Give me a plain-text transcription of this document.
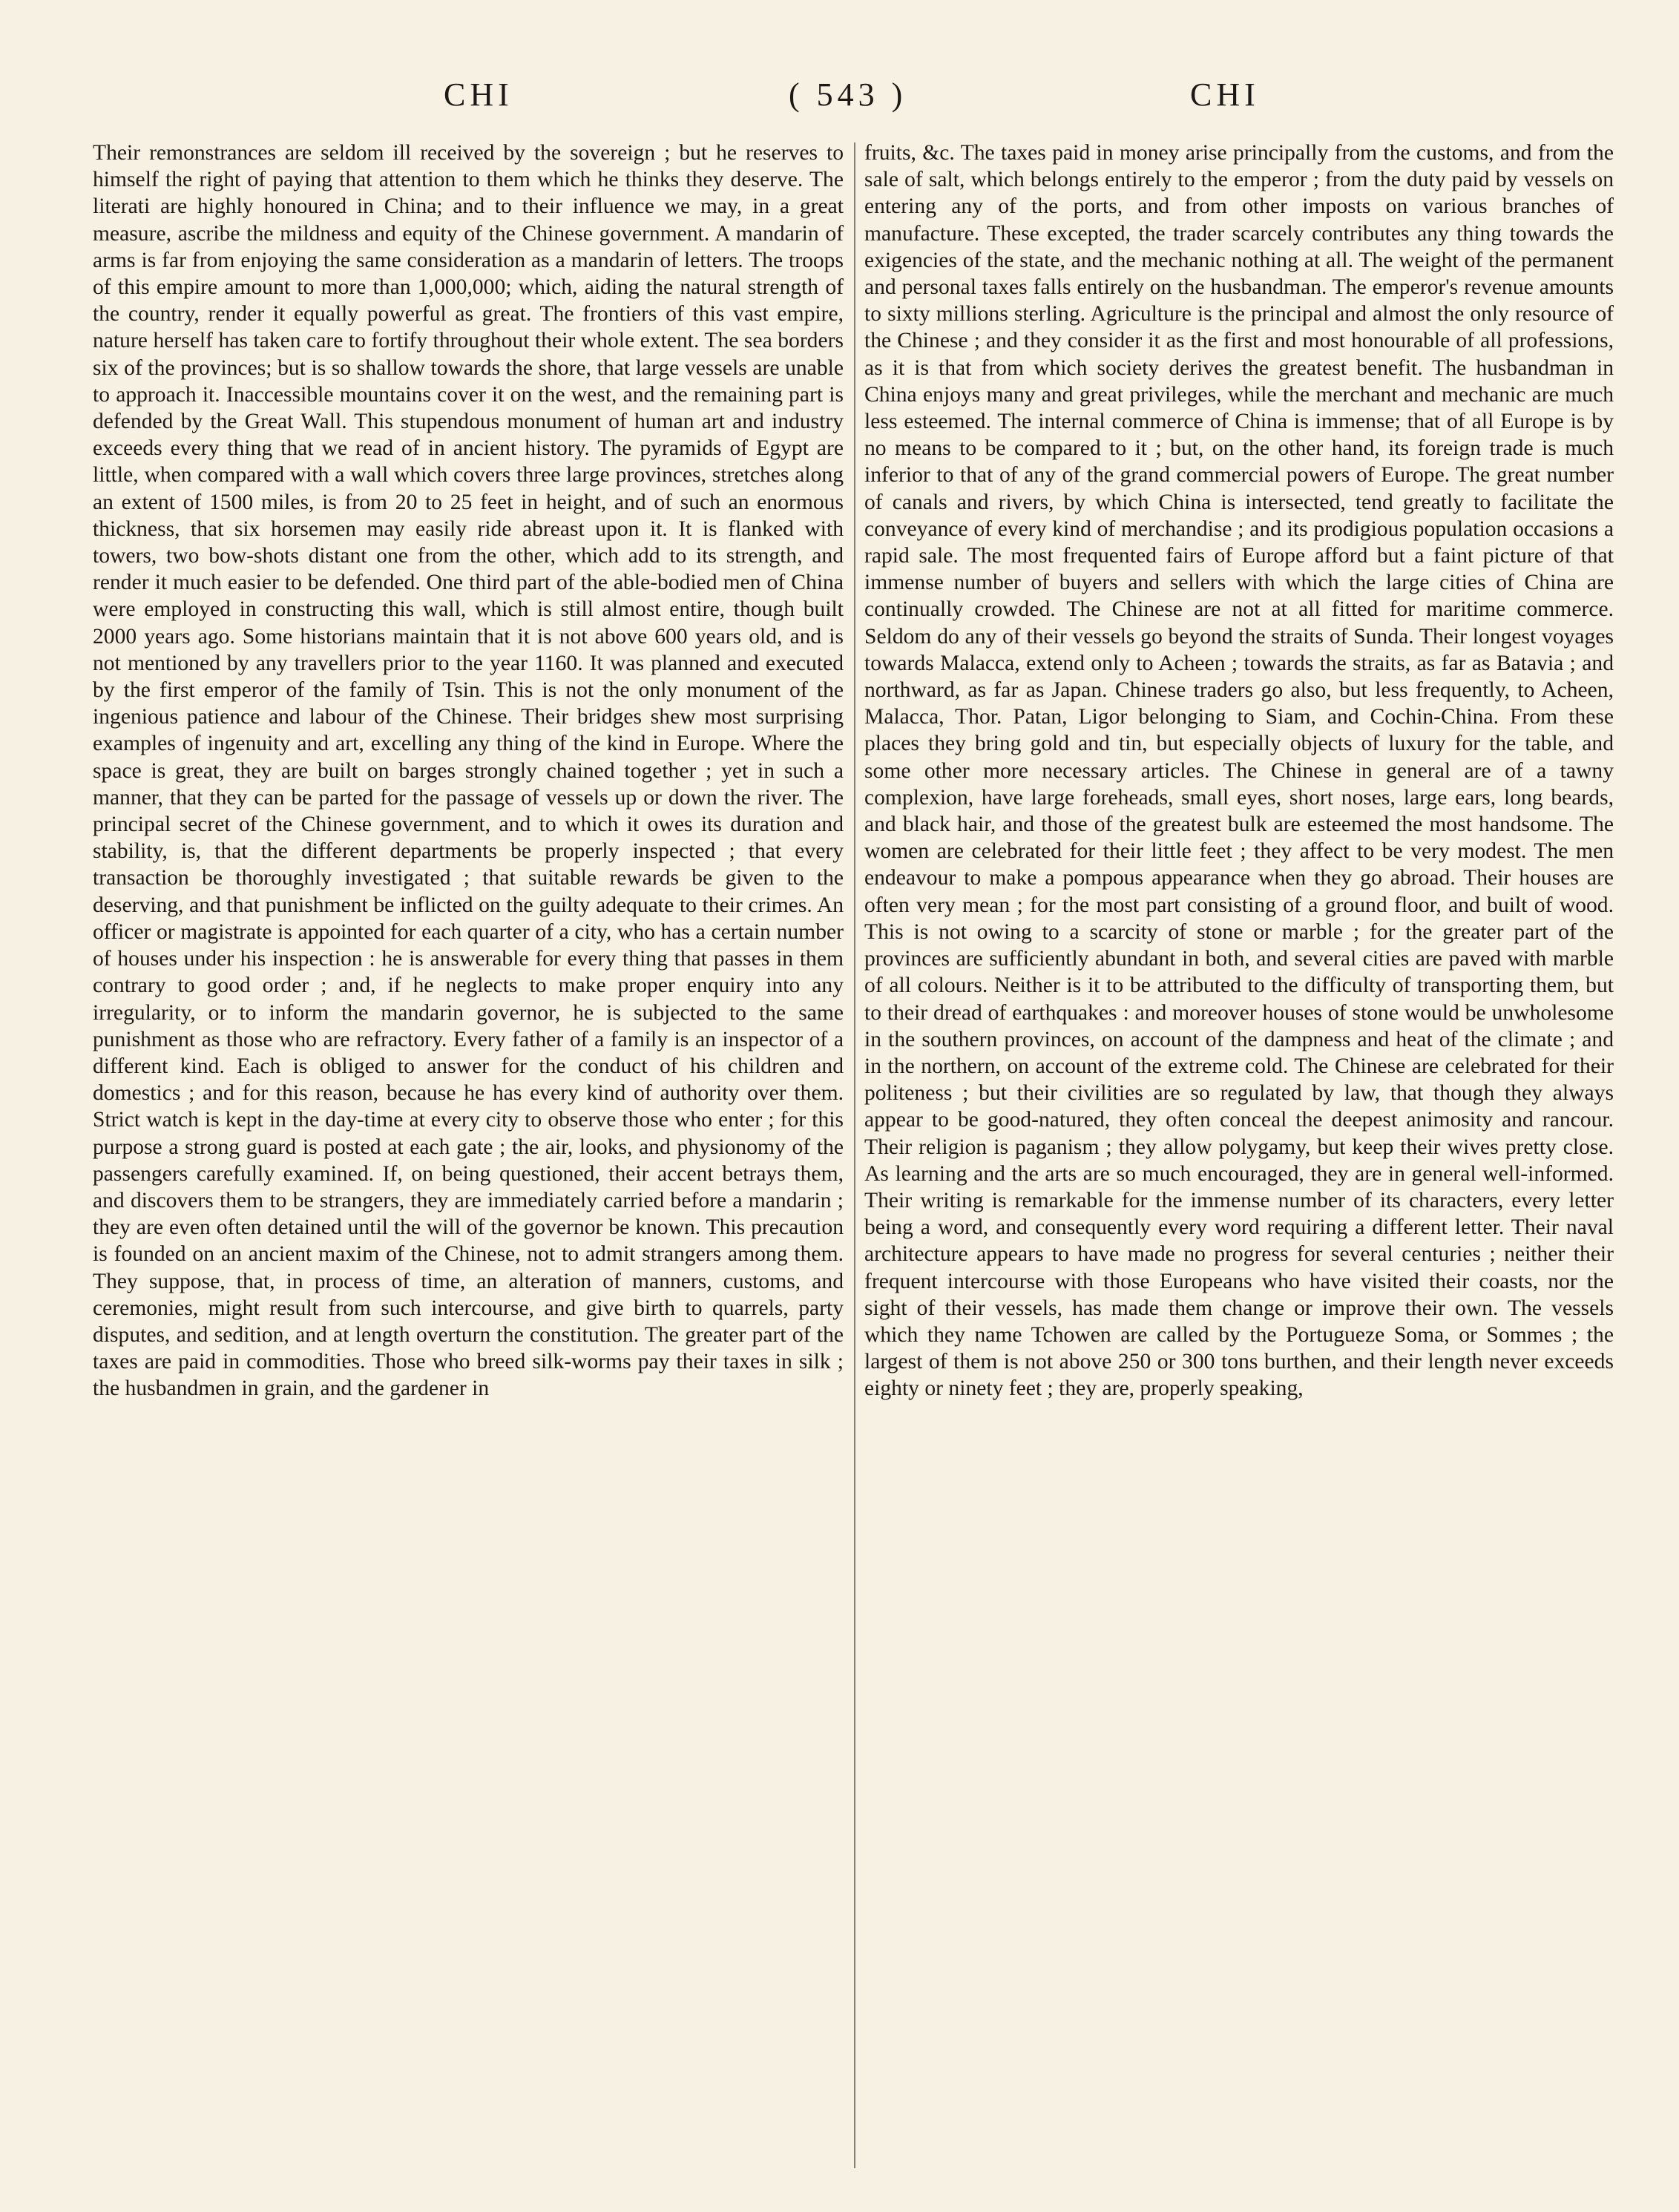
CHI	( 543 )	CHI
Their remonstrances are seldom ill received by the sovereign ; but he reserves to himself the right of paying that attention to them which he thinks they deserve. The literati are highly honoured in China; and to their influence we may, in a great measure, ascribe the mildness and equity of the Chinese government. A mandarin of arms is far from enjoying the same consideration as a mandarin of letters. The troops of this empire amount to more than 1,000,000; which, aiding the natural strength of the country, render it equally powerful as great. The frontiers of this vast empire, nature herself has taken care to fortify throughout their whole extent. The sea borders six of the provinces; but is so shallow towards the shore, that large vessels are unable to approach it. Inaccessible mountains cover it on the west, and the remaining part is defended by the Great Wall. This stupendous monument of human art and industry exceeds every thing that we read of in ancient history. The pyramids of Egypt are little, when compared with a wall which covers three large provinces, stretches along an extent of 1500 miles, is from 20 to 25 feet in height, and of such an enormous thickness, that six horsemen may easily ride abreast upon it. It is flanked with towers, two bow-shots distant one from the other, which add to its strength, and render it much easier to be defended. One third part of the able-bodied men of China were employed in constructing this wall, which is still almost entire, though built 2000 years ago. Some historians maintain that it is not above 600 years old, and is not mentioned by any travellers prior to the year 1160. It was planned and executed by the first emperor of the family of Tsin. This is not the only monument of the ingenious patience and labour of the Chinese. Their bridges shew most surprising examples of ingenuity and art, excelling any thing of the kind in Europe. Where the space is great, they are built on barges strongly chained together ; yet in such a manner, that they can be parted for the passage of vessels up or down the river. The principal secret of the Chinese government, and to which it owes its duration and stability, is, that the different departments be properly inspected ; that every transaction be thoroughly investigated ; that suitable rewards be given to the deserving, and that punishment be inflicted on the guilty adequate to their crimes. An officer or magistrate is appointed for each quarter of a city, who has a certain number of houses under his inspection : he is answerable for every thing that passes in them contrary to good order ; and, if he neglects to make proper enquiry into any irregularity, or to inform the mandarin governor, he is subjected to the same punishment as those who are refractory. Every father of a family is an inspector of a different kind. Each is obliged to answer for the conduct of his children and domestics ; and for this reason, because he has every kind of authority over them. Strict watch is kept in the day-time at every city to observe those who enter ; for this purpose a strong guard is posted at each gate ; the air, looks, and physionomy of the passengers carefully examined. If, on being questioned, their accent betrays them, and discovers them to be strangers, they are immediately carried before a mandarin ; they are even often detained until the will of the governor be known. This precaution is founded on an ancient maxim of the Chinese, not to admit strangers among them. They suppose, that, in process of time, an alteration of manners, customs, and ceremonies, might result from such intercourse, and give birth to quarrels, party disputes, and sedition, and at length overturn the constitution. The greater part of the taxes are paid in commodities. Those who breed silk-worms pay their taxes in silk ; the husbandmen in grain, and the gardener in
fruits, &c. The taxes paid in money arise principally from the customs, and from the sale of salt, which belongs entirely to the emperor ; from the duty paid by vessels on entering any of the ports, and from other imposts on various branches of manufacture. These excepted, the trader scarcely contributes any thing towards the exigencies of the state, and the mechanic nothing at all. The weight of the permanent and personal taxes falls entirely on the husbandman. The emperor's revenue amounts to sixty millions sterling. Agriculture is the principal and almost the only resource of the Chinese ; and they consider it as the first and most honourable of all professions, as it is that from which society derives the greatest benefit. The husbandman in China enjoys many and great privileges, while the merchant and mechanic are much less esteemed. The internal commerce of China is immense; that of all Europe is by no means to be compared to it ; but, on the other hand, its foreign trade is much inferior to that of any of the grand commercial powers of Europe. The great number of canals and rivers, by which China is intersected, tend greatly to facilitate the conveyance of every kind of merchandise ; and its prodigious population occasions a rapid sale. The most frequented fairs of Europe afford but a faint picture of that immense number of buyers and sellers with which the large cities of China are continually crowded. The Chinese are not at all fitted for maritime commerce. Seldom do any of their vessels go beyond the straits of Sunda. Their longest voyages towards Malacca, extend only to Acheen ; towards the straits, as far as Batavia ; and northward, as far as Japan. Chinese traders go also, but less frequently, to Acheen, Malacca, Thor. Patan, Ligor belonging to Siam, and Cochin-China. From these places they bring gold and tin, but especially objects of luxury for the table, and some other more necessary articles. The Chinese in general are of a tawny complexion, have large foreheads, small eyes, short noses, large ears, long beards, and black hair, and those of the greatest bulk are esteemed the most handsome. The women are celebrated for their little feet ; they affect to be very modest. The men endeavour to make a pompous appearance when they go abroad. Their houses are often very mean ; for the most part consisting of a ground floor, and built of wood. This is not owing to a scarcity of stone or marble ; for the greater part of the provinces are sufficiently abundant in both, and several cities are paved with marble of all colours. Neither is it to be attributed to the difficulty of transporting them, but to their dread of earthquakes : and moreover houses of stone would be unwholesome in the southern provinces, on account of the dampness and heat of the climate ; and in the northern, on account of the extreme cold. The Chinese are celebrated for their politeness ; but their civilities are so regulated by law, that though they always appear to be good-natured, they often conceal the deepest animosity and rancour. Their religion is paganism ; they allow polygamy, but keep their wives pretty close. As learning and the arts are so much encouraged, they are in general well-informed. Their writing is remarkable for the immense number of its characters, every letter being a word, and consequently every word requiring a different letter. Their naval architecture appears to have made no progress for several centuries ; neither their frequent intercourse with those Europeans who have visited their coasts, nor the sight of their vessels, has made them change or improve their own. The vessels which they name Tchowen are called by the Portugueze Soma, or Sommes ; the largest of them is not above 250 or 300 tons burthen, and their length never exceeds eighty or ninety feet ; they are, properly speaking,
